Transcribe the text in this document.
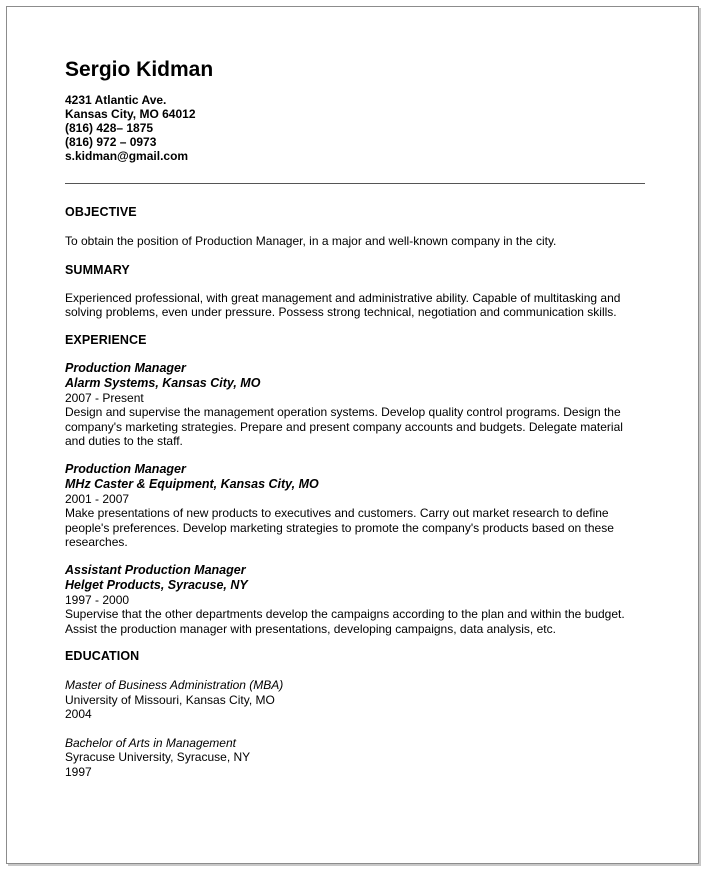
Sergio Kidman
4231 Atlantic Ave.
Kansas City, MO 64012
(816) 428– 1875
(816) 972 – 0973
s.kidman@gmail.com
OBJECTIVE

To obtain the position of Production Manager, in a major and well-known company in the city.

SUMMARY

Experienced professional, with great management and administrative ability. Capable of multitasking and solving problems, even under pressure. Possess strong technical, negotiation and communication skills.

EXPERIENCE
Production Manager
Alarm Systems, Kansas City, MO
2007 - Present
Design and supervise the management operation systems. Develop quality control programs. Design the company's marketing strategies. Prepare and present company accounts and budgets. Delegate material and duties to the staff.
Production Manager
MHz Caster & Equipment, Kansas City, MO
2001 - 2007
Make presentations of new products to executives and customers. Carry out market research to define people's preferences. Develop marketing strategies to promote the company's products based on these researches.
Assistant Production Manager
Helget Products, Syracuse, NY
1997 - 2000
Supervise that the other departments develop the campaigns according to the plan and within the budget. Assist the production manager with presentations, developing campaigns, data analysis, etc.
EDUCATION
Master of Business Administration (MBA)
University of Missouri, Kansas City, MO
2004
Bachelor of Arts in Management
Syracuse University, Syracuse, NY
1997
